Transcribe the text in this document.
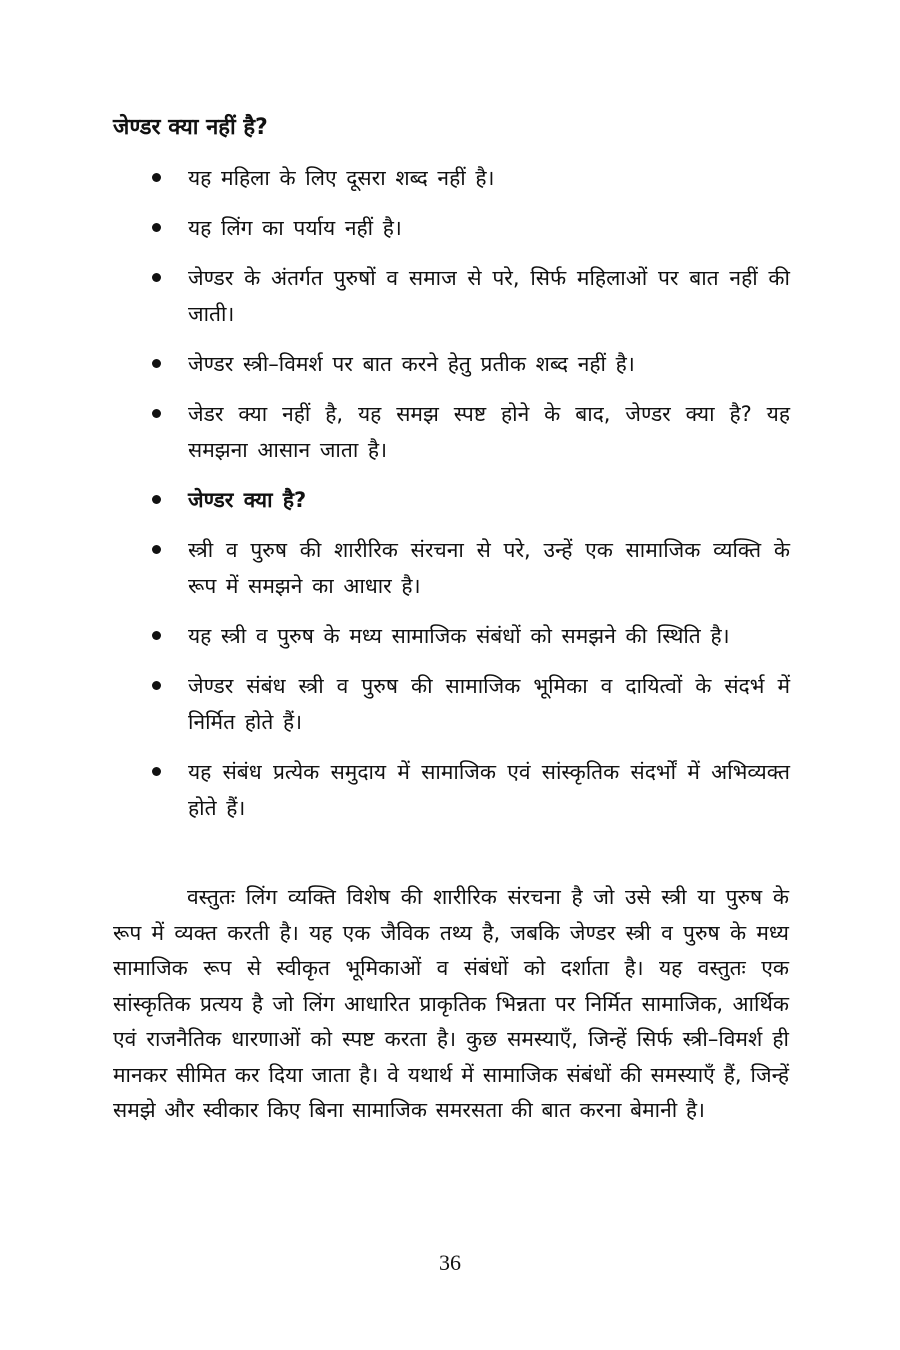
जेण्डर क्या नहीं है?
यह महिला के लिए दूसरा शब्द नहीं है।
यह लिंग का पर्याय नहीं है।
जेण्डर के अंतर्गत पुरुषों व समाज से परे, सिर्फ महिलाओं पर बात नहीं की जाती।
जेण्डर स्त्री–विमर्श पर बात करने हेतु प्रतीक शब्द नहीं है।
जेडर क्या नहीं है, यह समझ स्पष्ट होने के बाद, जेण्डर क्या है? यह समझना आसान जाता है।
जेण्डर क्या है?
स्त्री व पुरुष की शारीरिक संरचना से परे, उन्हें एक सामाजिक व्यक्ति के रूप में समझने का आधार है।
यह स्त्री व पुरुष के मध्य सामाजिक संबंधों को समझने की स्थिति है।
जेण्डर संबंध स्त्री व पुरुष की सामाजिक भूमिका व दायित्वों के संदर्भ में निर्मित होते हैं।
यह संबंध प्रत्येक समुदाय में सामाजिक एवं सांस्कृतिक संदर्भों में अभिव्यक्त होते हैं।

वस्तुतः लिंग व्यक्ति विशेष की शारीरिक संरचना है जो उसे स्त्री या पुरुष के रूप में व्यक्त करती है। यह एक जैविक तथ्य है, जबकि जेण्डर स्त्री व पुरुष के मध्य सामाजिक रूप से स्वीकृत भूमिकाओं व संबंधों को दर्शाता है। यह वस्तुतः एक सांस्कृतिक प्रत्यय है जो लिंग आधारित प्राकृतिक भिन्नता पर निर्मित सामाजिक, आर्थिक एवं राजनैतिक धारणाओं को स्पष्ट करता है। कुछ समस्याएँ, जिन्हें सिर्फ स्त्री–विमर्श ही मानकर सीमित कर दिया जाता है। वे यथार्थ में सामाजिक संबंधों की समस्याएँ हैं, जिन्हें समझे और स्वीकार किए बिना सामाजिक समरसता की बात करना बेमानी है।

36
